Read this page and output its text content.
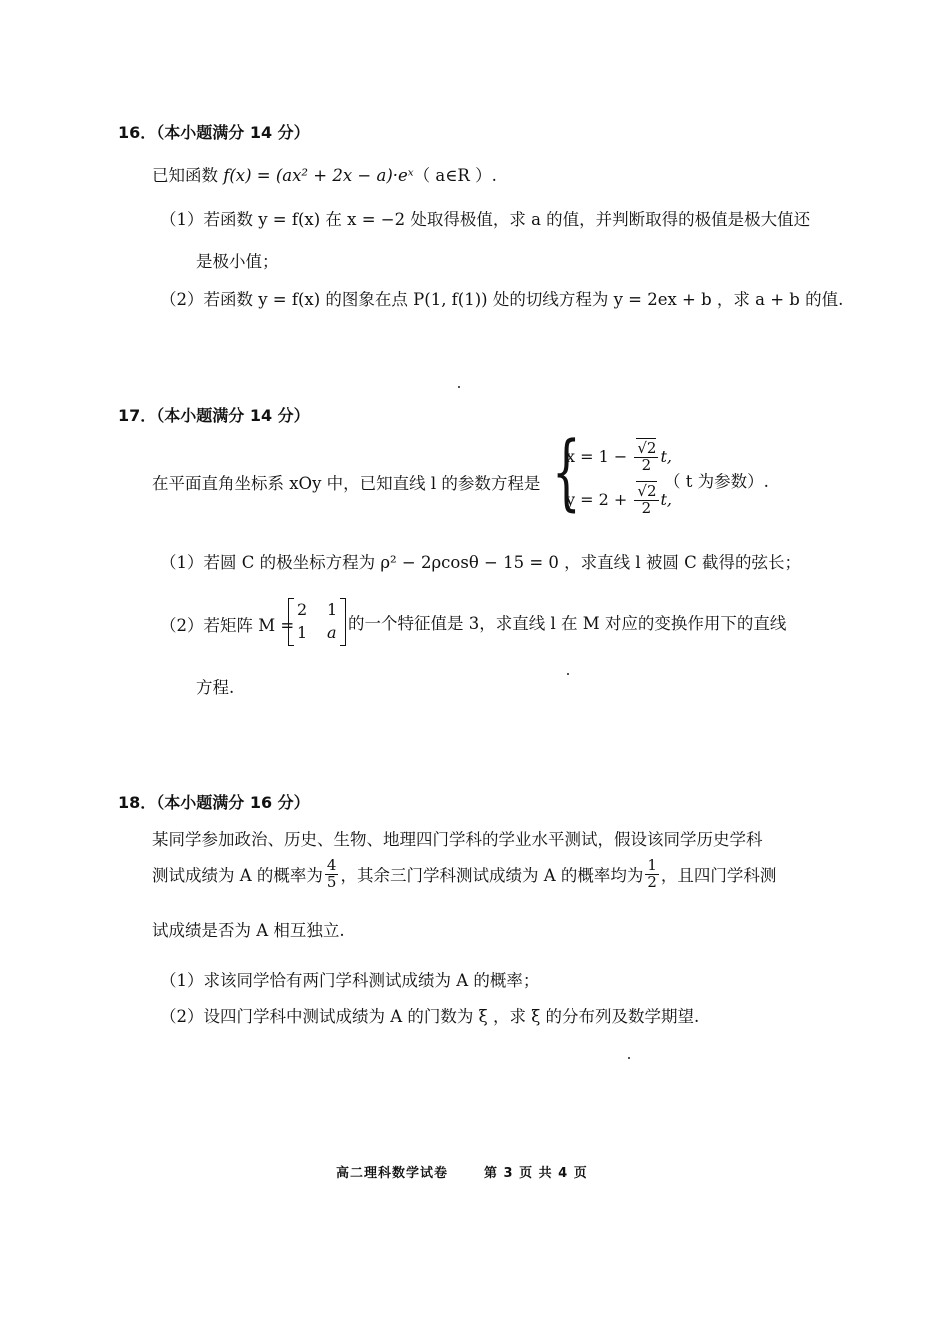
16．（本小题满分 14 分）
已知函数 f(x) = (ax² + 2x − a)·eˣ（ a∈R ）.
（1）若函数 y = f(x) 在 x = −2 处取得极值，求 a 的值，并判断取得的极值是极大值还
是极小值；
（2）若函数 y = f(x) 的图象在点 P(1, f(1)) 处的切线方程为 y = 2ex + b ，求 a + b 的值.
17．（本小题满分 14 分）
在平面直角坐标系 xOy 中，已知直线 l 的参数方程是 {
$x = 1 - \frac{√2}{2} t$,
$y = 2 + \frac{√2}{2} t$,
（ t 为参数）.
（1）若圆 C 的极坐标方程为 ρ² − 2ρcosθ − 15 = 0 ，求直线 l 被圆 C 截得的弦长；
（2）若矩阵 M =
2 1
1 a 的一个特征值是 3，求直线 l 在 M 对应的变换作用下的直线
方程.
18．（本小题满分 16 分）
某同学参加政治、历史、生物、地理四门学科的学业水平测试，假设该同学历史学科
测试成绩为 A 的概率为 $\frac{4}{5}$ ，其余三门学科测试成绩为 A 的概率均为 $\frac{1}{2}$ ，且四门学科测
试成绩是否为 A 相互独立.
（1）求该同学恰有两门学科测试成绩为 A 的概率；
（2）设四门学科中测试成绩为 A 的门数为 ξ ，求 ξ 的分布列及数学期望.
高二理科数学试卷	第 3 页 共 4 页
